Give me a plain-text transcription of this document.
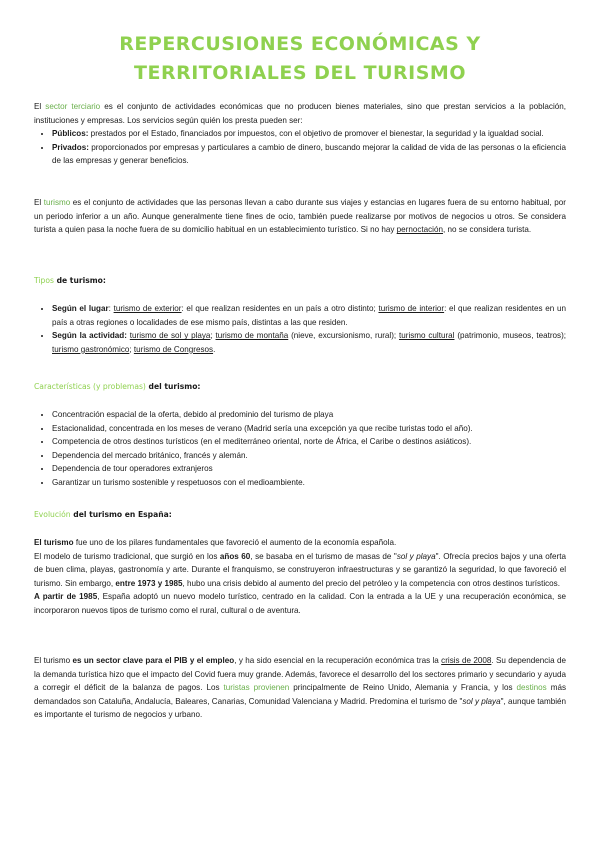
REPERCUSIONES ECONÓMICAS Y TERRITORIALES DEL TURISMO

El sector terciario es el conjunto de actividades económicas que no producen bienes materiales, sino que prestan servicios a la población, instituciones y empresas. Los servicios según quién los presta pueden ser:

• Públicos: prestados por el Estado, financiados por impuestos, con el objetivo de promover el bienestar, la seguridad y la igualdad social.
• Privados: proporcionados por empresas y particulares a cambio de dinero, buscando mejorar la calidad de vida de las personas o la eficiencia de las empresas y generar beneficios.

El turismo es el conjunto de actividades que las personas llevan a cabo durante sus viajes y estancias en lugares fuera de su entorno habitual, por un periodo inferior a un año. Aunque generalmente tiene fines de ocio, también puede realizarse por motivos de negocios u otros. Se considera turista a quien pasa la noche fuera de su domicilio habitual en un establecimiento turístico. Si no hay pernoctación, no se considera turista.

Tipos de turismo:
• Según el lugar: turismo de exterior: el que realizan residentes en un país a otro distinto; turismo de interior: el que realizan residentes en un país a otras regiones o localidades de ese mismo país, distintas a las que residen.
• Según la actividad: turismo de sol y playa; turismo de montaña (nieve, excursionismo, rural); turismo cultural (patrimonio, museos, teatros); turismo gastronómico; turismo de Congresos.
Características (y problemas) del turismo:
• Concentración espacial de la oferta, debido al predominio del turismo de playa
• Estacionalidad, concentrada en los meses de verano (Madrid sería una excepción ya que recibe turistas todo el año).
• Competencia de otros destinos turísticos (en el mediterráneo oriental, norte de África, el Caribe o destinos asiáticos).
• Dependencia del mercado británico, francés y alemán.
• Dependencia de tour operadores extranjeros
• Garantizar un turismo sostenible y respetuosos con el medioambiente.
Evolución del turismo en España:

El turismo fue uno de los pilares fundamentales que favoreció el aumento de la economía española.

El modelo de turismo tradicional, que surgió en los años 60, se basaba en el turismo de masas de "sol y playa". Ofrecía precios bajos y una oferta de buen clima, playas, gastronomía y arte. Durante el franquismo, se construyeron infraestructuras y se garantizó la seguridad, lo que favoreció el turismo. Sin embargo, entre 1973 y 1985, hubo una crisis debido al aumento del precio del petróleo y la competencia con otros destinos turísticos.

A partir de 1985, España adoptó un nuevo modelo turístico, centrado en la calidad. Con la entrada a la UE y una recuperación económica, se incorporaron nuevos tipos de turismo como el rural, cultural o de aventura.

El turismo es un sector clave para el PIB y el empleo, y ha sido esencial en la recuperación económica tras la crisis de 2008. Su dependencia de la demanda turística hizo que el impacto del Covid fuera muy grande. Además, favorece el desarrollo del los sectores primario y secundario y ayuda a corregir el déficit de la balanza de pagos. Los turistas provienen principalmente de Reino Unido, Alemania y Francia, y los destinos más demandados son Cataluña, Andalucía, Baleares, Canarias, Comunidad Valenciana y Madrid. Predomina el turismo de "sol y playa", aunque también es importante el turismo de negocios y urbano.
